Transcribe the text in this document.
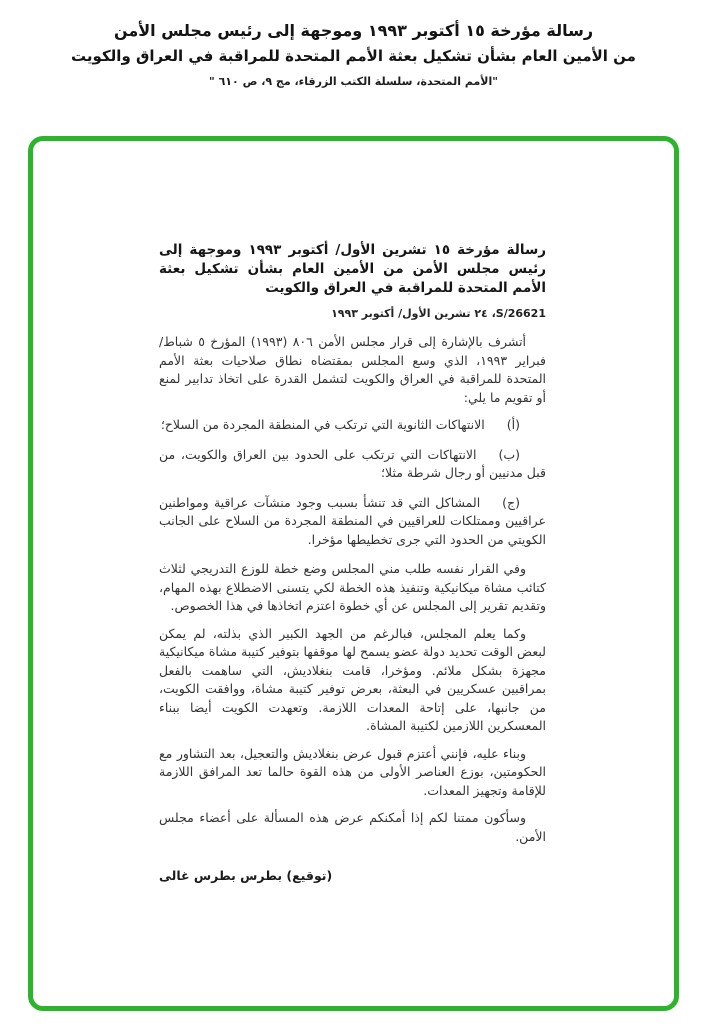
رسالة مؤرخة ١٥ أكتوبر ١٩٩٣ وموجهة إلى رئيس مجلس الأمن
من الأمين العام بشأن تشكيل بعثة الأمم المتحدة للمراقبة في العراق والكويت
"الأمم المتحدة، سلسلة الكتب الزرقاء، مج ٩، ص ٦١٠ "
رسالة مؤرخة ١٥ تشرين الأول/ أكتوبر ١٩٩٣ وموجهة إلى رئيس مجلس الأمن من الأمين العام بشأن تشكيل بعثة الأمم المتحدة للمراقبة في العراق والكويت
S/26621، ٢٤ تشرين الأول/ أكتوبر ١٩٩٣

أتشرف بالإشارة إلى قرار مجلس الأمن ٨٠٦ (١٩٩٣) المؤرخ ٥ شباط/ فبراير ١٩٩٣، الذي وسع المجلس بمقتضاه نطاق صلاحيات بعثة الأمم المتحدة للمراقبة في العراق والكويت لتشمل القدرة على اتخاذ تدابير لمنع أو تقويم ما يلي:

(أ)الانتهاكات الثانوية التي ترتكب في المنطقة المجردة من السلاح؛

(ب)الانتهاكات التي ترتكب على الحدود بين العراق والكويت، من قبل مدنيين أو رجال شرطة مثلا؛

(ج)المشاكل التي قد تنشأ بسبب وجود منشآت عراقية ومواطنين عراقيين وممتلكات للعراقيين في المنطقة المجردة من السلاح على الجانب الكويتي من الحدود التي جرى تخطيطها مؤخرا.

وفي القرار نفسه طلب مني المجلس وضع خطة للوزع التدريجي لثلاث كتائب مشاة ميكانيكية وتنفيذ هذه الخطة لكي يتسنى الاضطلاع بهذه المهام، وتقديم تقرير إلى المجلس عن أي خطوة اعتزم اتخاذها في هذا الخصوص.

وكما يعلم المجلس، فبالرغم من الجهد الكبير الذي بذلته، لم يمكن لبعض الوقت تحديد دولة عضو يسمح لها موقفها بتوفير كتيبة مشاة ميكانيكية مجهزة بشكل ملائم. ومؤخرا، قامت بنغلاديش، التي ساهمت بالفعل بمراقبين عسكريين في البعثة، بعرض توفير كتيبة مشاة، ووافقت الكويت، من جانبها، على إتاحة المعدات اللازمة. وتعهدت الكويت أيضا ببناء المعسكرين اللازمين لكتيبة المشاة.

وبناء عليه، فإنني أعتزم قبول عرض بنغلاديش والتعجيل، بعد التشاور مع الحكومتين، بوزع العناصر الأولى من هذه القوة حالما تعد المرافق اللازمة للإقامة وتجهيز المعدات.

وسأكون ممتنا لكم إذا أمكنكم عرض هذه المسألة على أعضاء مجلس الأمن.

(توقيع) بطرس بطرس غالى
